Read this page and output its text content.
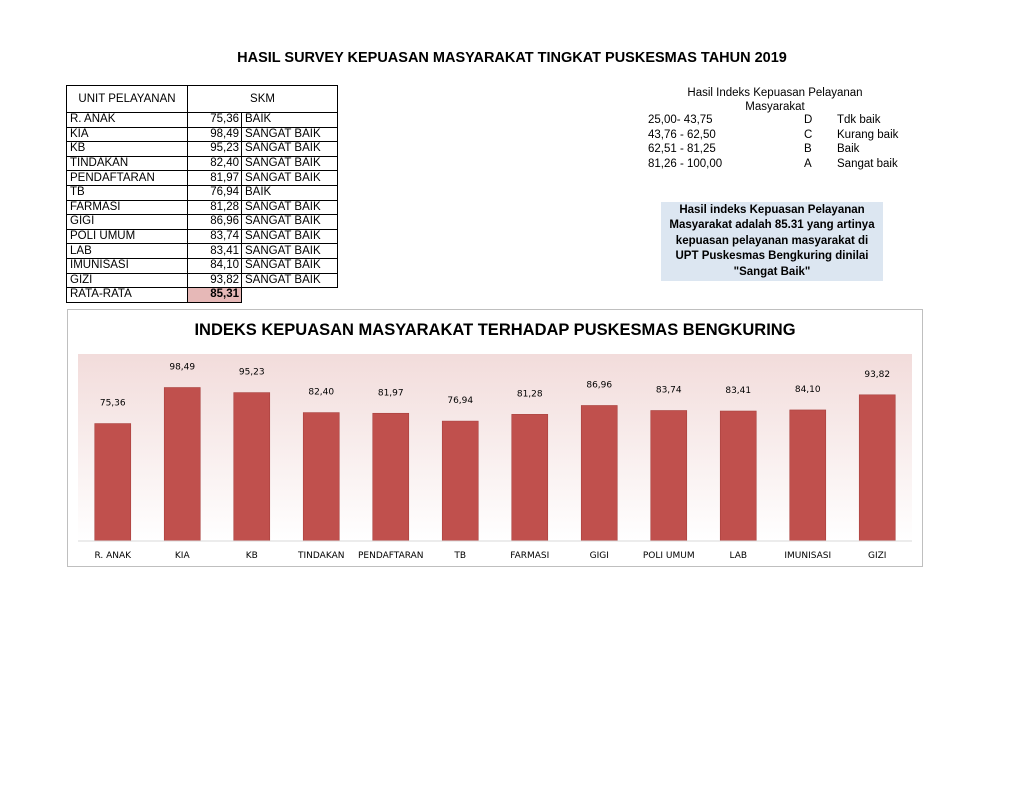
HASIL SURVEY KEPUASAN MASYARAKAT TINGKAT PUSKESMAS TAHUN 2019
UNIT PELAYANAN	SKM	
R. ANAK	75,36	BAIK
KIA	98,49	SANGAT BAIK
KB	95,23	SANGAT BAIK
TINDAKAN	82,40	SANGAT BAIK
PENDAFTARAN	81,97	SANGAT BAIK
TB	76,94	BAIK
FARMASI	81,28	SANGAT BAIK
GIGI	86,96	SANGAT BAIK
POLI UMUM	83,74	SANGAT BAIK
LAB	83,41	SANGAT BAIK
IMUNISASI	84,10	SANGAT BAIK
GIZI	93,82	SANGAT BAIK
RATA-RATA	85,31	
Hasil Indeks Kepuasan Pelayanan
Masyarakat
25,00- 43,75	D Tdk baik
43,76 - 62,50	C Kurang baik
62,51 - 81,25	B Baik
81,26 - 100,00	A Sangat baik
Hasil indeks Kepuasan Pelayanan
Masyarakat adalah 85.31 yang artinya
kepuasan pelayanan masyarakat di
UPT Puskesmas Bengkuring dinilai
"Sangat Baik"
INDEKS KEPUASAN MASYARAKAT TERHADAP PUSKESMAS BENGKURING
75,36
R. ANAK
98,49
KIA
95,23
KB
82,40
TINDAKAN
81,97
PENDAFTARAN
76,94
TB
81,28
FARMASI
86,96
GIGI
83,74
POLI UMUM
83,41
LAB
84,10
IMUNISASI
93,82
GIZI
